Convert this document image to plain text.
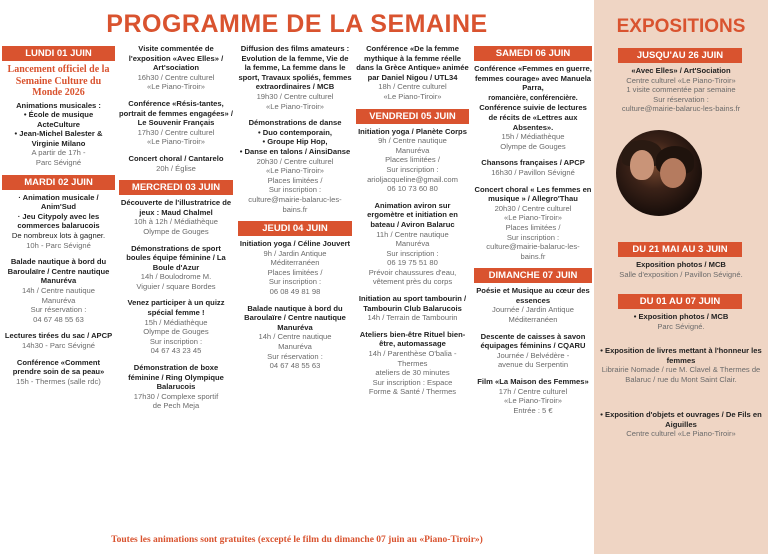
PROGRAMME DE LA SEMAINE
LUNDI 01 JUIN
Lancement officiel de la Semaine Culture du Monde 2026
Animations musicales :
• École de musique ActeCulture
• Jean-Michel Balester &
Virginie Milano
A partir de 17h -
Parc Sévigné
MARDI 02 JUIN
· Animation musicale / Anim'Sud
· Jeu Citypoly avec les commerces balarucois
De nombreux lots à gagner.
10h - Parc Sévigné
Balade nautique à bord du Baroulaïre / Centre nautique Manuréva
14h / Centre nautique
Manuréva
Sur réservation :
04 67 48 55 63
Lectures tirées du sac / APCP
14h30 - Parc Sévigné
Conférence «Comment prendre soin de sa peau»
15h - Thermes (salle rdc)
Visite commentée de l'exposition «Avec Elles» / Art'sociation
16h30 / Centre culturel
«Le Piano-Tiroir»
Conférence «Résis-tantes, portrait de femmes engagées» / Le Souvenir Français
17h30 / Centre culturel
«Le Piano-Tiroir»
Concert choral / Cantarelo
20h / Église
MERCREDI 03 JUIN
Découverte de l'illustratrice de jeux : Maud Chalmel
10h à 12h / Médiathèque
Olympe de Gouges
Démonstrations de sport boules équipe féminine / La Boule d'Azur
14h / Boulodrome M.
Viguier / square Bordes
Venez participer à un quizz spécial femme !
15h / Médiathèque
Olympe de Gouges
Sur inscription :
04 67 43 23 45
Démonstration de boxe féminine / Ring Olympique Balarucois
17h30 / Complexe sportif
de Pech Meja
Diffusion des films amateurs : Evolution de la femme, Vie de la femme, La femme dans le sport, Travaux spoliés, femmes extraordinaires / MCB
19h30 / Centre culturel
«Le Piano-Tiroir»
Démonstrations de danse
• Duo contemporain,
• Groupe Hip Hop,
• Danse en talons / AinsiDanse
20h30 / Centre culturel
«Le Piano-Tiroir»
Places limitées /
Sur inscription :
culture@mairie-balaruc-les-bains.fr
JEUDI 04 JUIN
Initiation yoga / Céline Jouvert
9h / Jardin Antique
Méditerranéen
Places limitées /
Sur inscription :
06 08 49 81 98
Balade nautique à bord du Baroulaïre / Centre nautique Manuréva
14h / Centre nautique
Manuréva
Sur réservation :
04 67 48 55 63
Conférence «De la femme mythique à la femme réelle dans la Grèce Antique» animée par Daniel Nigou / UTL34
18h / Centre culturel
«Le Piano-Tiroir»
VENDREDI 05 JUIN
Initiation yoga / Planète Corps
9h / Centre nautique
Manuréva
Places limitées /
Sur inscription :
arioljacqueline@gmail.com
06 10 73 60 80
Animation aviron sur ergomètre et initiation en bateau / Aviron Balaruc
11h / Centre nautique
Manuréva
Sur inscription :
06 19 75 51 80
Prévoir chaussures d'eau, vêtement près du corps
Initiation au sport tambourin / Tambourin Club Balarucois
14h / Terrain de Tambourin
Ateliers bien-être Rituel bien-être, automassage
14h / Parenthèse O'balia -
Thermes
ateliers de 30 minutes
Sur inscription : Espace
Forme & Santé / Thermes
SAMEDI 06 JUIN
Conférence «Femmes en guerre, femmes courage» avec Manuela Parra,
romancière, conférencière.
Conférence suivie de lectures de récits de «Lettres aux Absentes».
15h / Médiathèque
Olympe de Gouges
Chansons françaises / APCP
16h30 / Pavillon Sévigné
Concert choral « Les femmes en musique » / Allegro'Thau
20h30 / Centre culturel
«Le Piano-Tiroir»
Places limitées /
Sur inscription :
culture@mairie-balaruc-les-bains.fr
DIMANCHE 07 JUIN
Poésie et Musique au cœur des essences
Journée / Jardin Antique
Méditerranéen
Descente de caisses à savon équipages féminins / CQARU
Journée / Belvédère -
avenue du Serpentin
Film «La Maison des Femmes»
17h / Centre culturel
«Le Piano-Tiroir»
Entrée : 5 €
Toutes les animations sont gratuites (excepté le film du dimanche 07 juin au «Piano-Tiroir»)
EXPOSITIONS
JUSQU'AU 26 JUIN
«Avec Elles» / Art'Sociation
Centre culturel «Le Piano-Tiroir»
1 visite commentée par semaine
Sur réservation :
culture@mairie-balaruc-les-bains.fr
DU 21 MAI AU 3 JUIN
Exposition photos / MCB
Salle d'exposition / Pavillon Sévigné.
DU 01 AU 07 JUIN
• Exposition photos / MCB
Parc Sévigné.
• Exposition de livres mettant à l'honneur les femmes
Librairie Nomade / rue M. Clavel & Thermes de Balaruc / rue du Mont Saint Clair.
• Exposition d'objets et ouvrages / De Fils en Aiguilles
Centre culturel «Le Piano-Tiroir»
